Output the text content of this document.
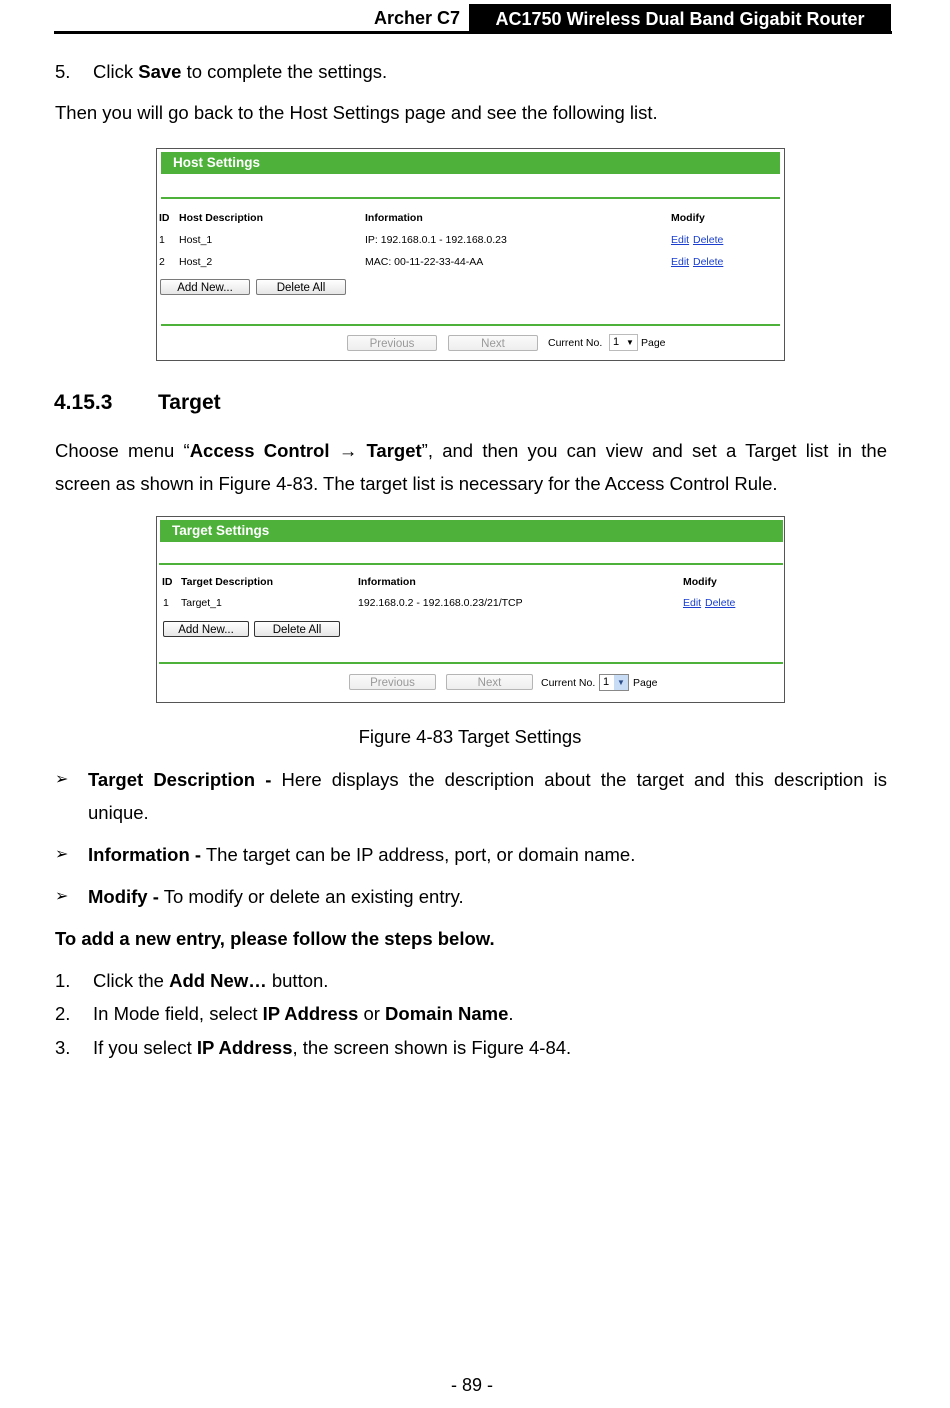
Archer C7	AC1750 Wireless Dual Band Gigabit Router
5. Click Save to complete the settings.
Then you will go back to the Host Settings page and see the following list.
Host Settings
ID Host Description	Information	Modify
1 Host_1	IP: 192.168.0.1 - 192.168.0.23	Edit Delete
2 Host_2	MAC: 00-11-22-33-44-AA	Edit Delete
Add New...	Delete All
Previous	Next	Current No. 1 ▼ Page
4.15.3 Target
Choose menu “Access Control → Target”, and then you can view and set a Target list in the
screen as shown in Figure 4-83. The target list is necessary for the Access Control Rule.
Target Settings
ID Target Description	Information	Modify
1 Target_1	192.168.0.2 - 192.168.0.23/21/TCP	Edit Delete
Add New...	Delete All
Previous	Next	Current No. 1 ▼ Page
Figure 4-83 Target Settings
➢ Target Description - Here displays the description about the target and this description is
unique.
➢ Information - The target can be IP address, port, or domain name.
➢ Modify - To modify or delete an existing entry.
To add a new entry, please follow the steps below.
1. Click the Add New… button.
2. In Mode field, select IP Address or Domain Name.
3. If you select IP Address, the screen shown is Figure 4-84.
- 89 -
